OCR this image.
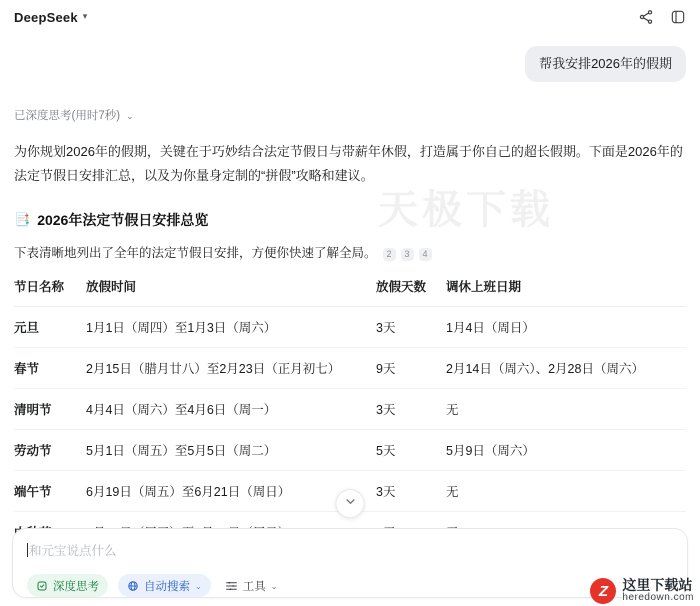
DeepSeek ▾
帮我安排2026年的假期
已深度思考(用时7秒) ⌄
为你规划2026年的假期，关键在于巧妙结合法定节假日与带薪年休假，打造属于你自己的超长假期。下面是2026年的法定节假日安排汇总，以及为你量身定制的“拼假”攻略和建议。
📑 2026年法定节假日安排总览
下表清晰地列出了全年的法定节假日安排，方便你快速了解全局。	2	3	4
节日名称	放假时间	放假天数	调休上班日期
元旦	1月1日（周四）至1月3日（周六）	3天	1月4日（周日）
春节	2月15日（腊月廿八）至2月23日（正月初七）	9天	2月14日（周六）、2月28日（周六）
清明节	4月4日（周六）至4月6日（周一）	3天	无
劳动节	5月1日（周五）至5月5日（周二）	5天	5月9日（周六）
端午节	6月19日（周五）至6月21日（周日）	3天	无

天极下载
和元宝说点什么
深度思考	自动搜索 ⌄	工具 ⌄	Z	这里下载站
heredown.com
